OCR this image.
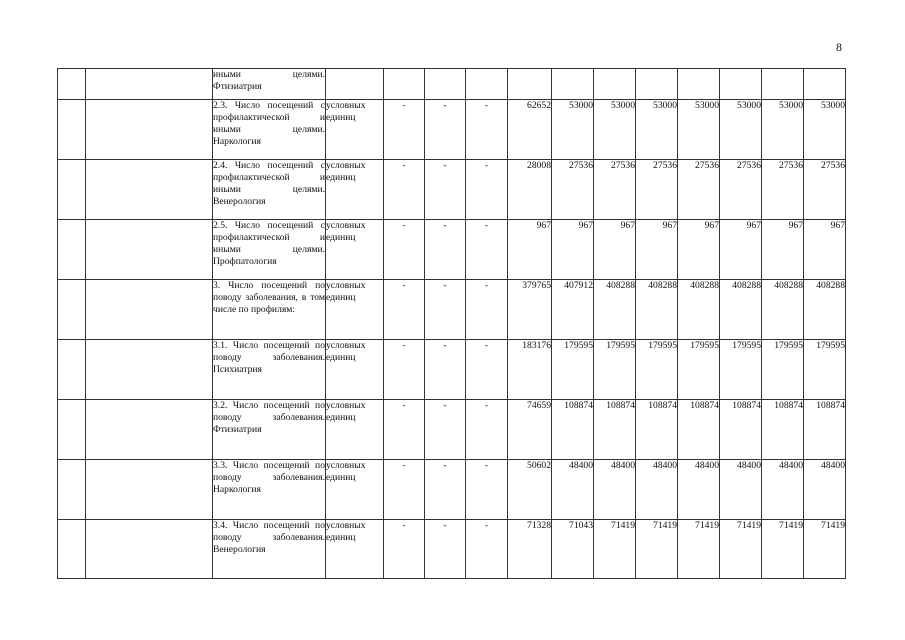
8
		иными целями. Фтизиатрия												
		2.3. Число посещений с профилактической и иными целями. Наркология	условных единиц	-	-	-	62652	53000	53000	53000	53000	53000	53000	53000
		2.4. Число посещений с профилактической и иными целями. Венерология	условных единиц	-	-	-	28008	27536	27536	27536	27536	27536	27536	27536
		2.5. Число посещений с профилактической и иными целями. Профпатология	условных единиц	-	-	-	967	967	967	967	967	967	967	967
		3. Число посещений по поводу заболевания, в том числе по профилям:	условных единиц	-	-	-	379765	407912	408288	408288	408288	408288	408288	408288
		3.1. Число посещений по поводу заболевания. Психиатрия	условных единиц	-	-	-	183176	179595	179595	179595	179595	179595	179595	179595
		3.2. Число посещений по поводу заболевания. Фтизиатрия	условных единиц	-	-	-	74659	108874	108874	108874	108874	108874	108874	108874
		3.3. Число посещений по поводу заболевания. Наркология	условных единиц	-	-	-	50602	48400	48400	48400	48400	48400	48400	48400
		3.4. Число посещений по поводу заболевания. Венерология	условных единиц	-	-	-	71328	71043	71419	71419	71419	71419	71419	71419
